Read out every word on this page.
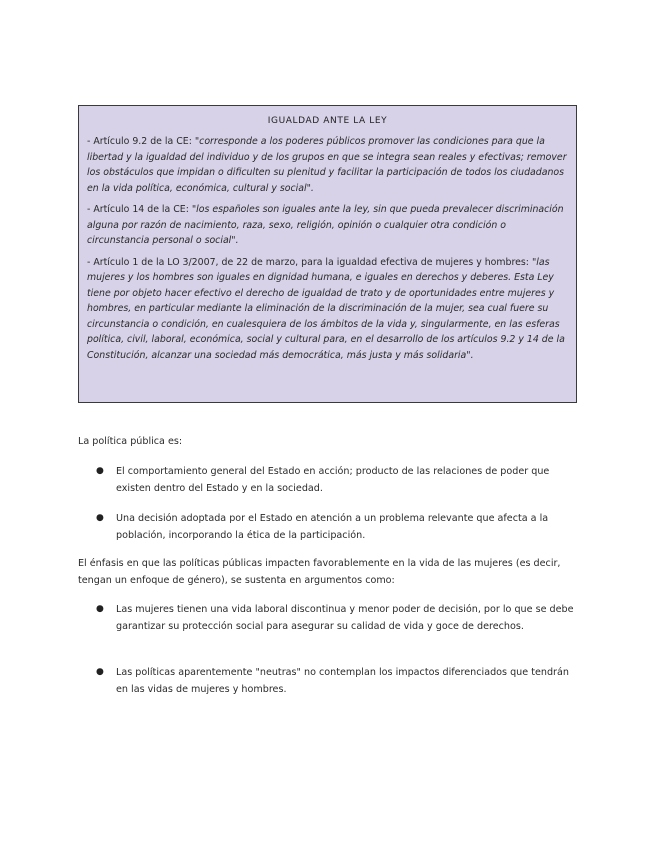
IGUALDAD ANTE LA LEY

- Artículo 9.2 de la CE: "corresponde a los poderes públicos promover las condiciones para que la libertad y la igualdad del individuo y de los grupos en que se integra sean reales y efectivas; remover los obstáculos que impidan o dificulten su plenitud y facilitar la participación de todos los ciudadanos en la vida política, económica, cultural y social".

- Artículo 14 de la CE: "los españoles son iguales ante la ley, sin que pueda prevalecer discriminación alguna por razón de nacimiento, raza, sexo, religión, opinión o cualquier otra condición o circunstancia personal o social".

- Artículo 1 de la LO 3/2007, de 22 de marzo, para la igualdad efectiva de mujeres y hombres: "las mujeres y los hombres son iguales en dignidad humana, e iguales en derechos y deberes. Esta Ley tiene por objeto hacer efectivo el derecho de igualdad de trato y de oportunidades entre mujeres y hombres, en particular mediante la eliminación de la discriminación de la mujer, sea cual fuere su circunstancia o condición, en cualesquiera de los ámbitos de la vida y, singularmente, en las esferas política, civil, laboral, económica, social y cultural para, en el desarrollo de los artículos 9.2 y 14 de la Constitución, alcanzar una sociedad más democrática, más justa y más solidaria".

La política pública es:

● El comportamiento general del Estado en acción; producto de las relaciones de poder que existen dentro del Estado y en la sociedad.
● Una decisión adoptada por el Estado en atención a un problema relevante que afecta a la población, incorporando la ética de la participación.

El énfasis en que las políticas públicas impacten favorablemente en la vida de las mujeres (es decir, tengan un enfoque de género), se sustenta en argumentos como:

● Las mujeres tienen una vida laboral discontinua y menor poder de decisión, por lo que se debe garantizar su protección social para asegurar su calidad de vida y goce de derechos.
● Las políticas aparentemente "neutras" no contemplan los impactos diferenciados que tendrán en las vidas de mujeres y hombres.
